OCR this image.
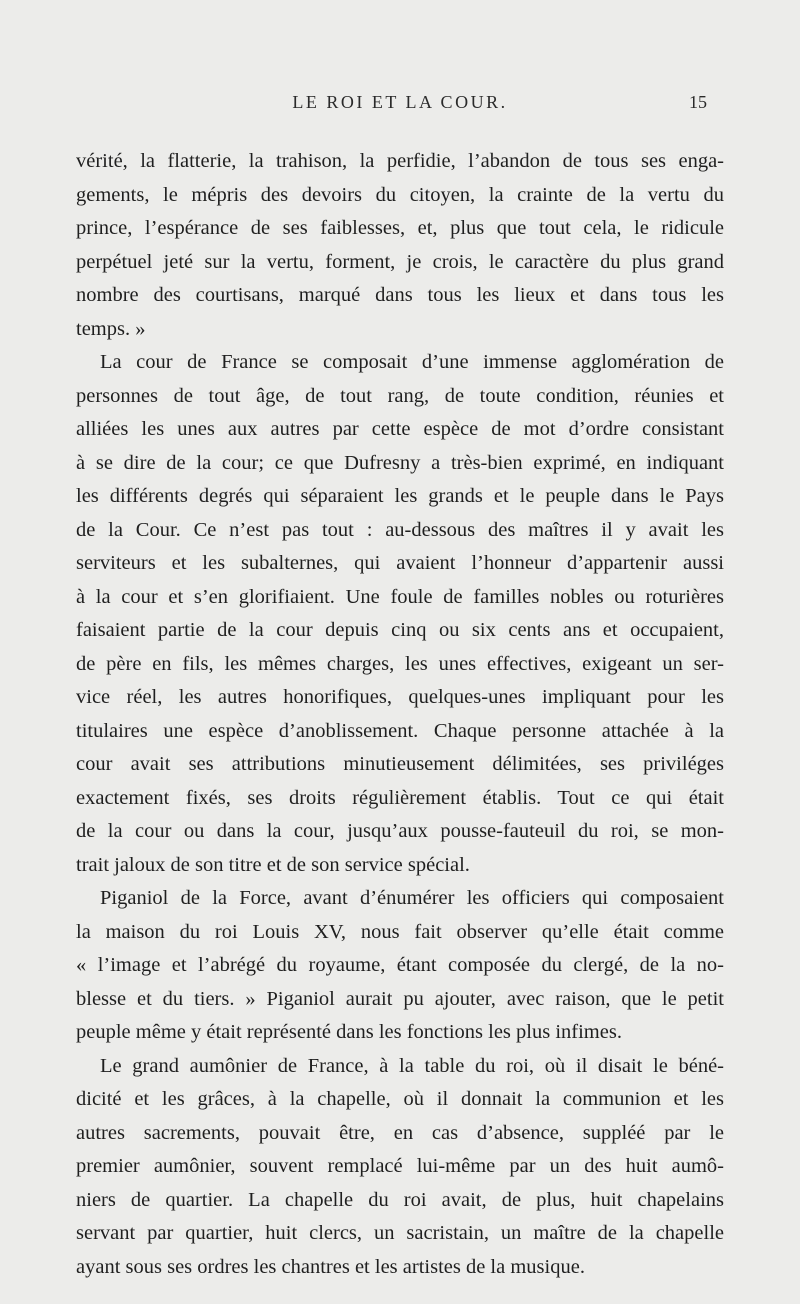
LE ROI ET LA COUR.	15
vérité, la flatterie, la trahison, la perfidie, l’abandon de tous ses enga-
gements, le mépris des devoirs du citoyen, la crainte de la vertu du
prince, l’espérance de ses faiblesses, et, plus que tout cela, le ridicule
perpétuel jeté sur la vertu, forment, je crois, le caractère du plus grand
nombre des courtisans, marqué dans tous les lieux et dans tous les
temps. »
La cour de France se composait d’une immense agglomération de
personnes de tout âge, de tout rang, de toute condition, réunies et
alliées les unes aux autres par cette espèce de mot d’ordre consistant
à se dire de la cour; ce que Dufresny a très-bien exprimé, en indiquant
les différents degrés qui séparaient les grands et le peuple dans le Pays
de la Cour. Ce n’est pas tout : au-dessous des maîtres il y avait les
serviteurs et les subalternes, qui avaient l’honneur d’appartenir aussi
à la cour et s’en glorifiaient. Une foule de familles nobles ou roturières
faisaient partie de la cour depuis cinq ou six cents ans et occupaient,
de père en fils, les mêmes charges, les unes effectives, exigeant un ser-
vice réel, les autres honorifiques, quelques-unes impliquant pour les
titulaires une espèce d’anoblissement. Chaque personne attachée à la
cour avait ses attributions minutieusement délimitées, ses priviléges
exactement fixés, ses droits régulièrement établis. Tout ce qui était
de la cour ou dans la cour, jusqu’aux pousse-fauteuil du roi, se mon-
trait jaloux de son titre et de son service spécial.
Piganiol de la Force, avant d’énumérer les officiers qui composaient
la maison du roi Louis XV, nous fait observer qu’elle était comme
« l’image et l’abrégé du royaume, étant composée du clergé, de la no-
blesse et du tiers. » Piganiol aurait pu ajouter, avec raison, que le petit
peuple même y était représenté dans les fonctions les plus infimes.
Le grand aumônier de France, à la table du roi, où il disait le béné-
dicité et les grâces, à la chapelle, où il donnait la communion et les
autres sacrements, pouvait être, en cas d’absence, suppléé par le
premier aumônier, souvent remplacé lui-même par un des huit aumô-
niers de quartier. La chapelle du roi avait, de plus, huit chapelains
servant par quartier, huit clercs, un sacristain, un maître de la chapelle
ayant sous ses ordres les chantres et les artistes de la musique.
